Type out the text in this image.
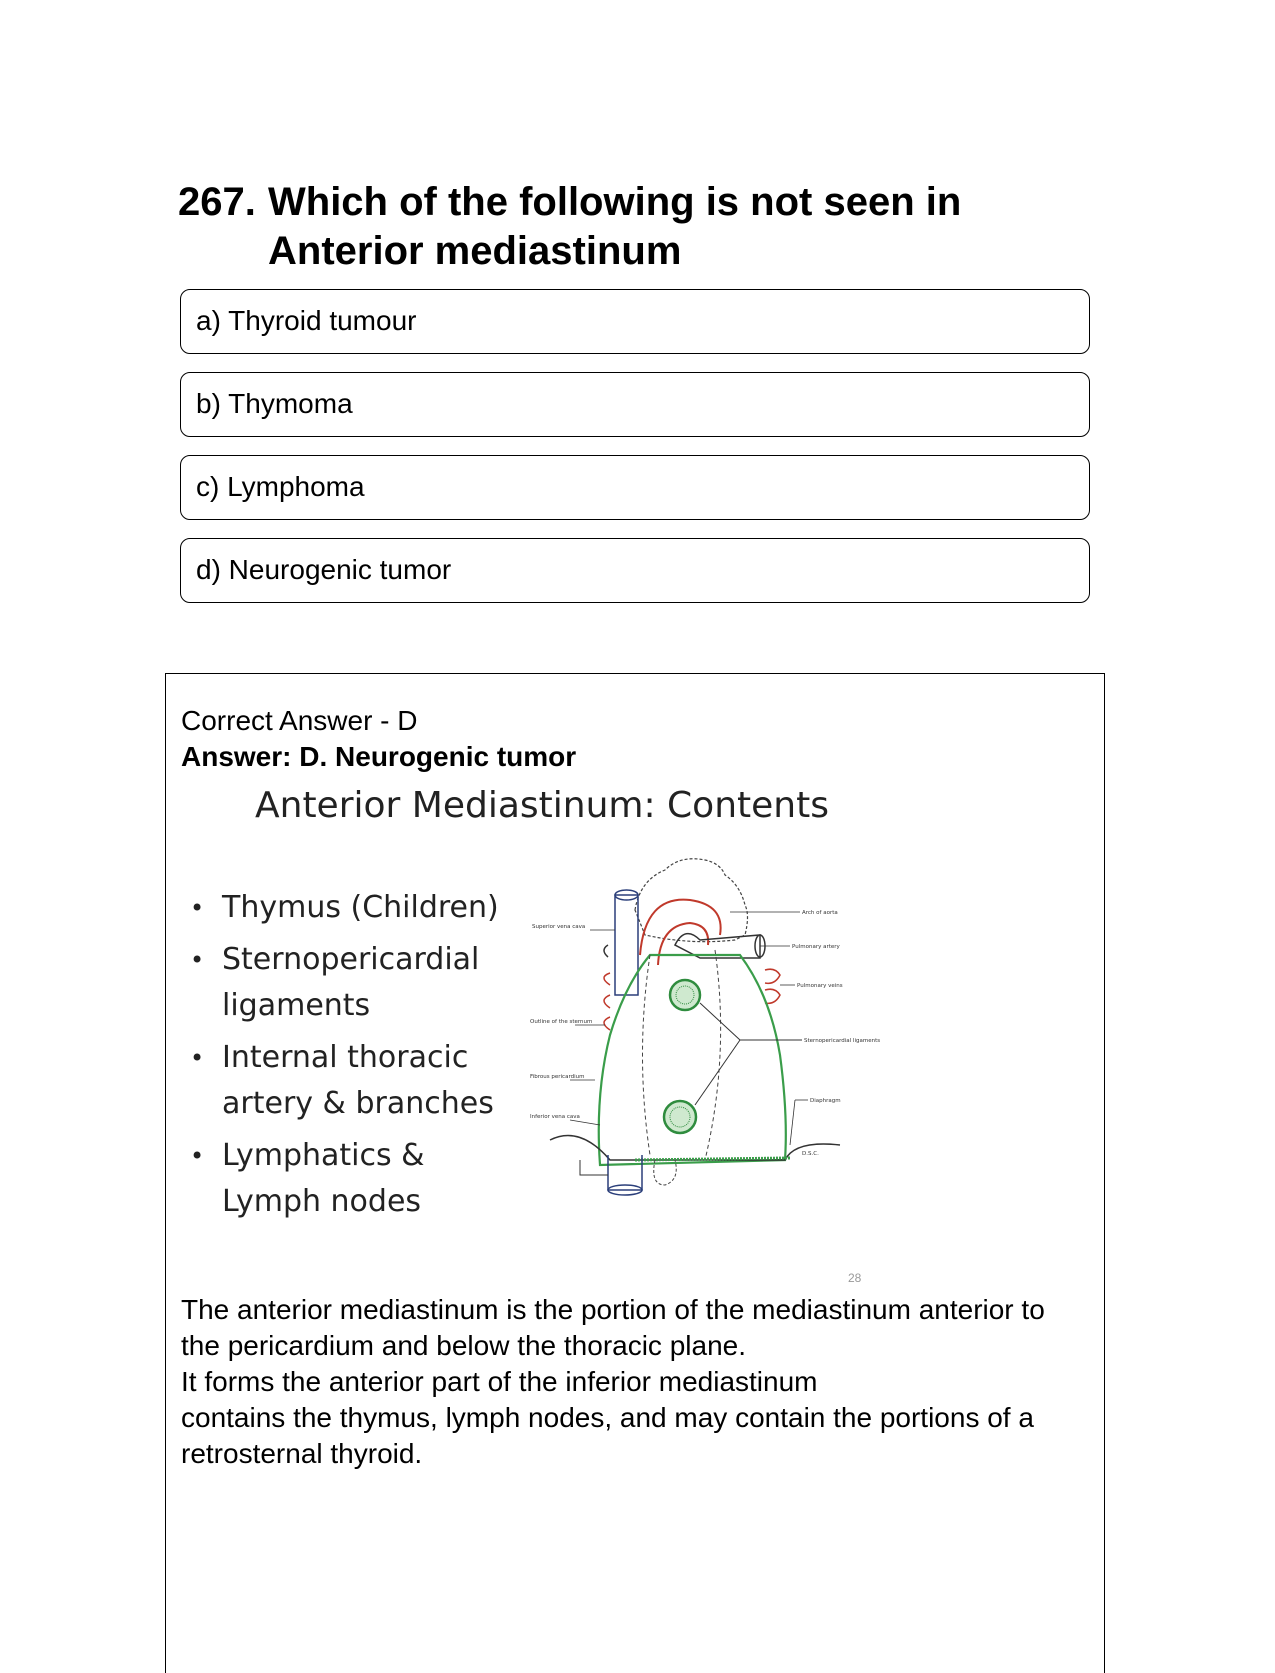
267. Which of the following is not seen in Anterior mediastinum
a) Thyroid tumour
b) Thymoma
c) Lymphoma
d) Neurogenic tumor
Correct Answer - D
Answer: D. Neurogenic tumor
Anterior Mediastinum: Contents
• Thymus (Children)
• Sternopericardial ligaments
• Internal thoracic artery & branches
• Lymphatics & Lymph nodes
Superior vena cava
Outline of the sternum
Fibrous pericardium
Inferior vena cava
Arch of aorta
Pulmonary artery
Pulmonary veins
Sternopericardial ligaments
Diaphragm
D.S.C.
28

The anterior mediastinum is the portion of the mediastinum anterior to the pericardium and below the thoracic plane.

It forms the anterior part of the inferior mediastinum

contains the thymus, lymph nodes, and may contain the portions of a retrosternal thyroid.
